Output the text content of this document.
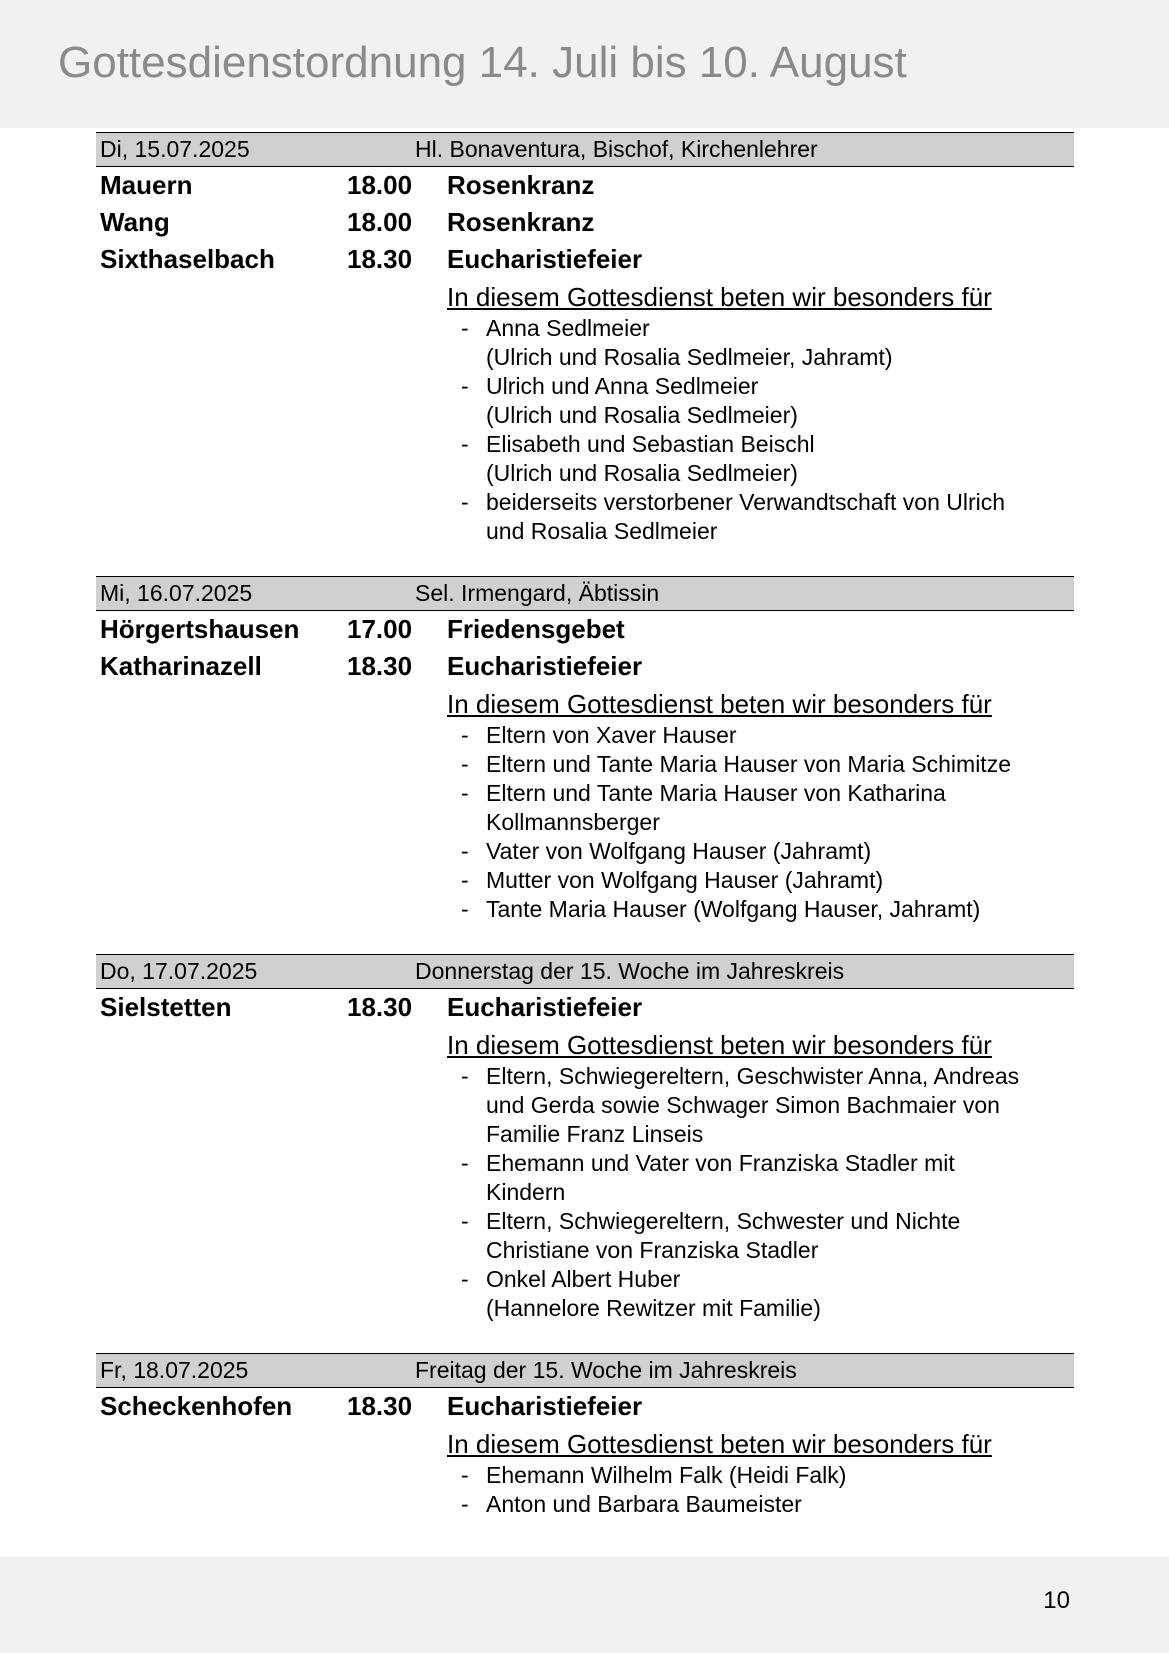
Gottesdienstordnung 14. Juli bis 10. August
Di, 15.07.2025	Hl. Bonaventura, Bischof, Kirchenlehrer
Mauern	18.00 Rosenkranz
Wang	18.00 Rosenkranz
Sixthaselbach	18.30 Eucharistiefeier
In diesem Gottesdienst beten wir besonders für
- Anna Sedlmeier
(Ulrich und Rosalia Sedlmeier, Jahramt)
- Ulrich und Anna Sedlmeier
(Ulrich und Rosalia Sedlmeier)
- Elisabeth und Sebastian Beischl
(Ulrich und Rosalia Sedlmeier)
- beiderseits verstorbener Verwandtschaft von Ulrich
und Rosalia Sedlmeier
Mi, 16.07.2025	Sel. Irmengard, Äbtissin
Hörgertshausen 17.00 Friedensgebet
Katharinazell	18.30 Eucharistiefeier
In diesem Gottesdienst beten wir besonders für
- Eltern von Xaver Hauser
- Eltern und Tante Maria Hauser von Maria Schimitze
- Eltern und Tante Maria Hauser von Katharina
Kollmannsberger
- Vater von Wolfgang Hauser (Jahramt)
- Mutter von Wolfgang Hauser (Jahramt)
- Tante Maria Hauser (Wolfgang Hauser, Jahramt)
Do, 17.07.2025	Donnerstag der 15. Woche im Jahreskreis
Sielstetten	18.30 Eucharistiefeier
In diesem Gottesdienst beten wir besonders für
- Eltern, Schwiegereltern, Geschwister Anna, Andreas
und Gerda sowie Schwager Simon Bachmaier von
Familie Franz Linseis
- Ehemann und Vater von Franziska Stadler mit
Kindern
- Eltern, Schwiegereltern, Schwester und Nichte
Christiane von Franziska Stadler
- Onkel Albert Huber
(Hannelore Rewitzer mit Familie)
Fr, 18.07.2025	Freitag der 15. Woche im Jahreskreis
Scheckenhofen 18.30 Eucharistiefeier
In diesem Gottesdienst beten wir besonders für
- Ehemann Wilhelm Falk (Heidi Falk)
- Anton und Barbara Baumeister
10
